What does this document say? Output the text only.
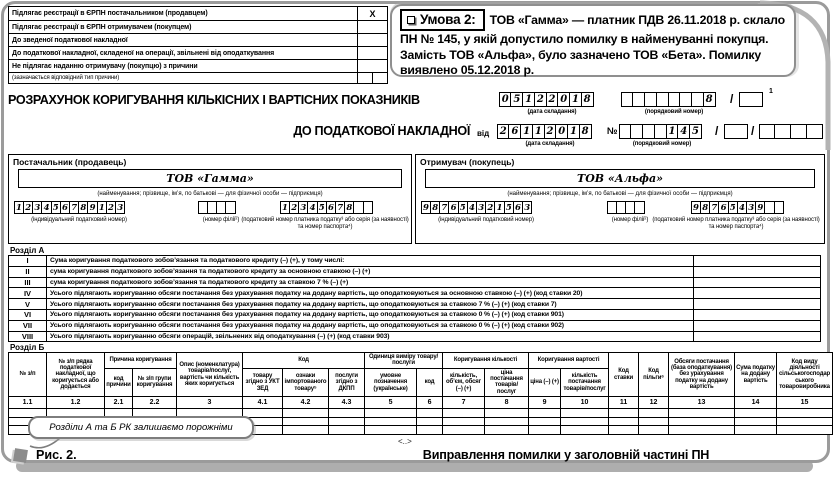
Підлягає реєстрації в ЄРПН постачальником (продавцем)	X
Підлягає реєстрації в ЄРПН отримувачем (покупцем)
До зведеної податкової накладної
До податкової накладної, складеної на операції, звільнені від оподаткування
Не підлягає наданню отримувачу (покупцю) з причини
(зазначається відповідний тип причини)
Умова 2: ТОВ «Гамма» — платник ПДВ 26.11.2018 р. склало ПН № 145, у якій допустило помилку в найменуванні покупця. Замість ТОВ «Альфа», було зазначено ТОВ «Бета». Помилку виявлено 05.12.2018 р.
РОЗРАХУНОК КОРИГУВАННЯ КІЛЬКІСНИХ І ВАРТІСНИХ ПОКАЗНИКІВ
ДО ПОДАТКОВОЇ НАКЛАДНОЇ від	№
0 5 1 2 2 0 1 8
(дата складання)
8
(порядковий номер)
/
1
2 6 1 1 2 0 1 8
(дата складання)
1 4 5
(порядковий номер)
/	/
Постачальник (продавець)
ТОВ «Гамма»
(найменування; прізвище, ім’я, по батькові — для фізичної особи — підприємця)
1 2 3 4 5 6 7 8 9 1 2 3
(індивідуальний податковий номер)	(номер філії²)
1 2 3 4 5 6 7 8
(податковий номер платника податку³ або серія (за наявності) та номер паспорта⁴)
Отримувач (покупець)
ТОВ «Альфа»
(найменування; прізвище, ім’я, по батькові — для фізичної особи — підприємця)
9 8 7 6 5 4 3 2 1 5 6 3
(індивідуальний податковий номер)	(номер філії²)
9 8 7 6 5 4 3 9
(податковий номер платника податку³ або серія (за наявності) та номер паспорта⁴)
Розділ А
I	Сума коригування податкового зобов’язання та податкового кредиту (–) (+), у тому числі:	
II	сума коригування податкового зобов’язання та податкового кредиту за основною ставкою (–) (+)	
III	сума коригування податкового зобов’язання та податкового кредиту за ставкою 7 % (–) (+)	
IV	Усього підлягають коригуванню обсяги постачання без урахування податку на додану вартість, що оподатковуються за основною ставкою (–) (+) (код ставки 20)	
V	Усього підлягають коригуванню обсяги постачання без урахування податку на додану вартість, що оподатковуються за ставкою 7 % (–) (+) (код ставки 7)	
VI	Усього підлягають коригуванню обсяги постачання без урахування податку на додану вартість, що оподатковуються за ставкою 0 % (–) (+) (код ставки 901)	
VII	Усього підлягають коригуванню обсяги постачання без урахування податку на додану вартість, що оподатковуються за ставкою 0 % (–) (+) (код ставки 902)	
VIII	Усього підлягають коригуванню обсяги операцій, звільнених від оподаткування (–) (+) (код ставки 903)	
Розділ Б
№ з/п	№ з/п рядка податкової накладної, що коригується або додається	Причина коригування		Опис (номенклатура) товарів/послуг, вартість чи кількість яких коригується	Код			Одиниця виміру товару/послуги		Коригування кількості		Коригування вартості		Код ставки	Код пільги⁶	Обсяги постачання (база оподаткування) без урахування податку на додану вартість	Сума податку на додану вартість	Код виду діяльності сільськогосподарського товаровиробника
		код причини	№ з/п групи коригування		товару згідно з УКТ ЗЕД	ознаки імпортованого товару⁵	послуги згідно з ДКПП	умовне позначення (українське)	код	кількість, об’єм, обсяг (–) (+)	ціна постачання товарів/послуг	ціна (–) (+)	кількість постачання товарів/послуг					
1.1	1.2	2.1	2.2	3	4.1	4.2	4.3	5	6	7	8	9	10	11	12	13	14	15

Розділи А та Б РК залишаємо порожніми
Рис. 2.
<..>
Виправлення помилки у заголовній частині ПН
